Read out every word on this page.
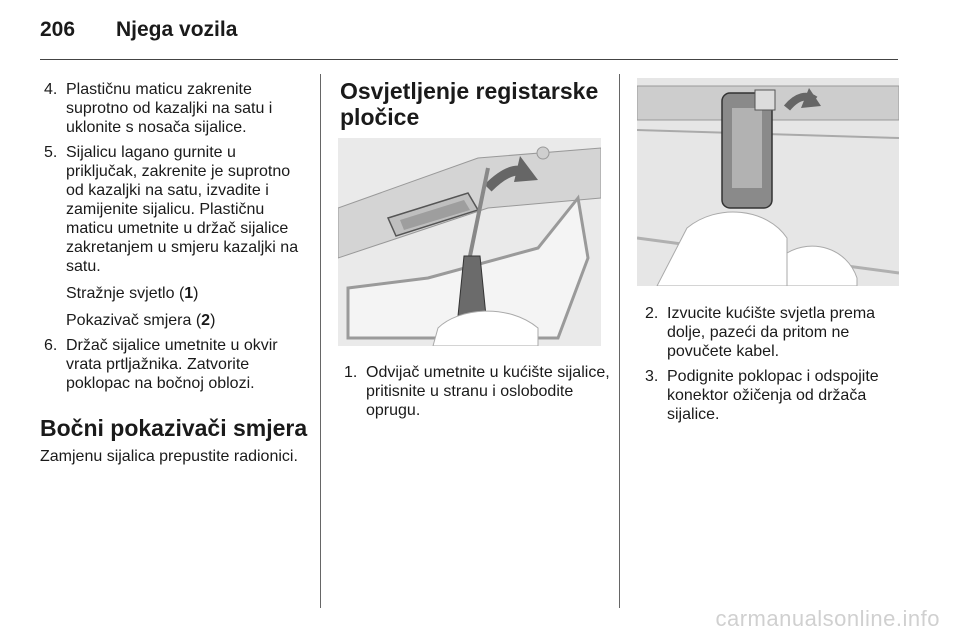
206 Njega vozila
4. Plastičnu maticu zakrenite suprotno od kazaljki na satu i uklonite s nosača sijalice.
5. Sijalicu lagano gurnite u priključak, zakrenite je suprotno od kazaljki na satu, izvadite i zamijenite sijalicu. Plastičnu maticu umetnite u držač sijalice zakretanjem u smjeru kazaljki na satu.
Stražnje svjetlo (1)
Pokazivač smjera (2)
6. Držač sijalice umetnite u okvir vrata prtljažnika. Zatvorite poklopac na bočnoj oblozi.
Bočni pokazivači smjera
Zamjenu sijalica prepustite radionici.
Osvjetljenje registarske pločice
1. Odvijač umetnite u kućište sijalice, pritisnite u stranu i oslobodite oprugu.
2. Izvucite kućište svjetla prema dolje, pazeći da pritom ne povučete kabel.
3. Podignite poklopac i odspojite konektor ožičenja od držača sijalice.
carmanualsonline.info
